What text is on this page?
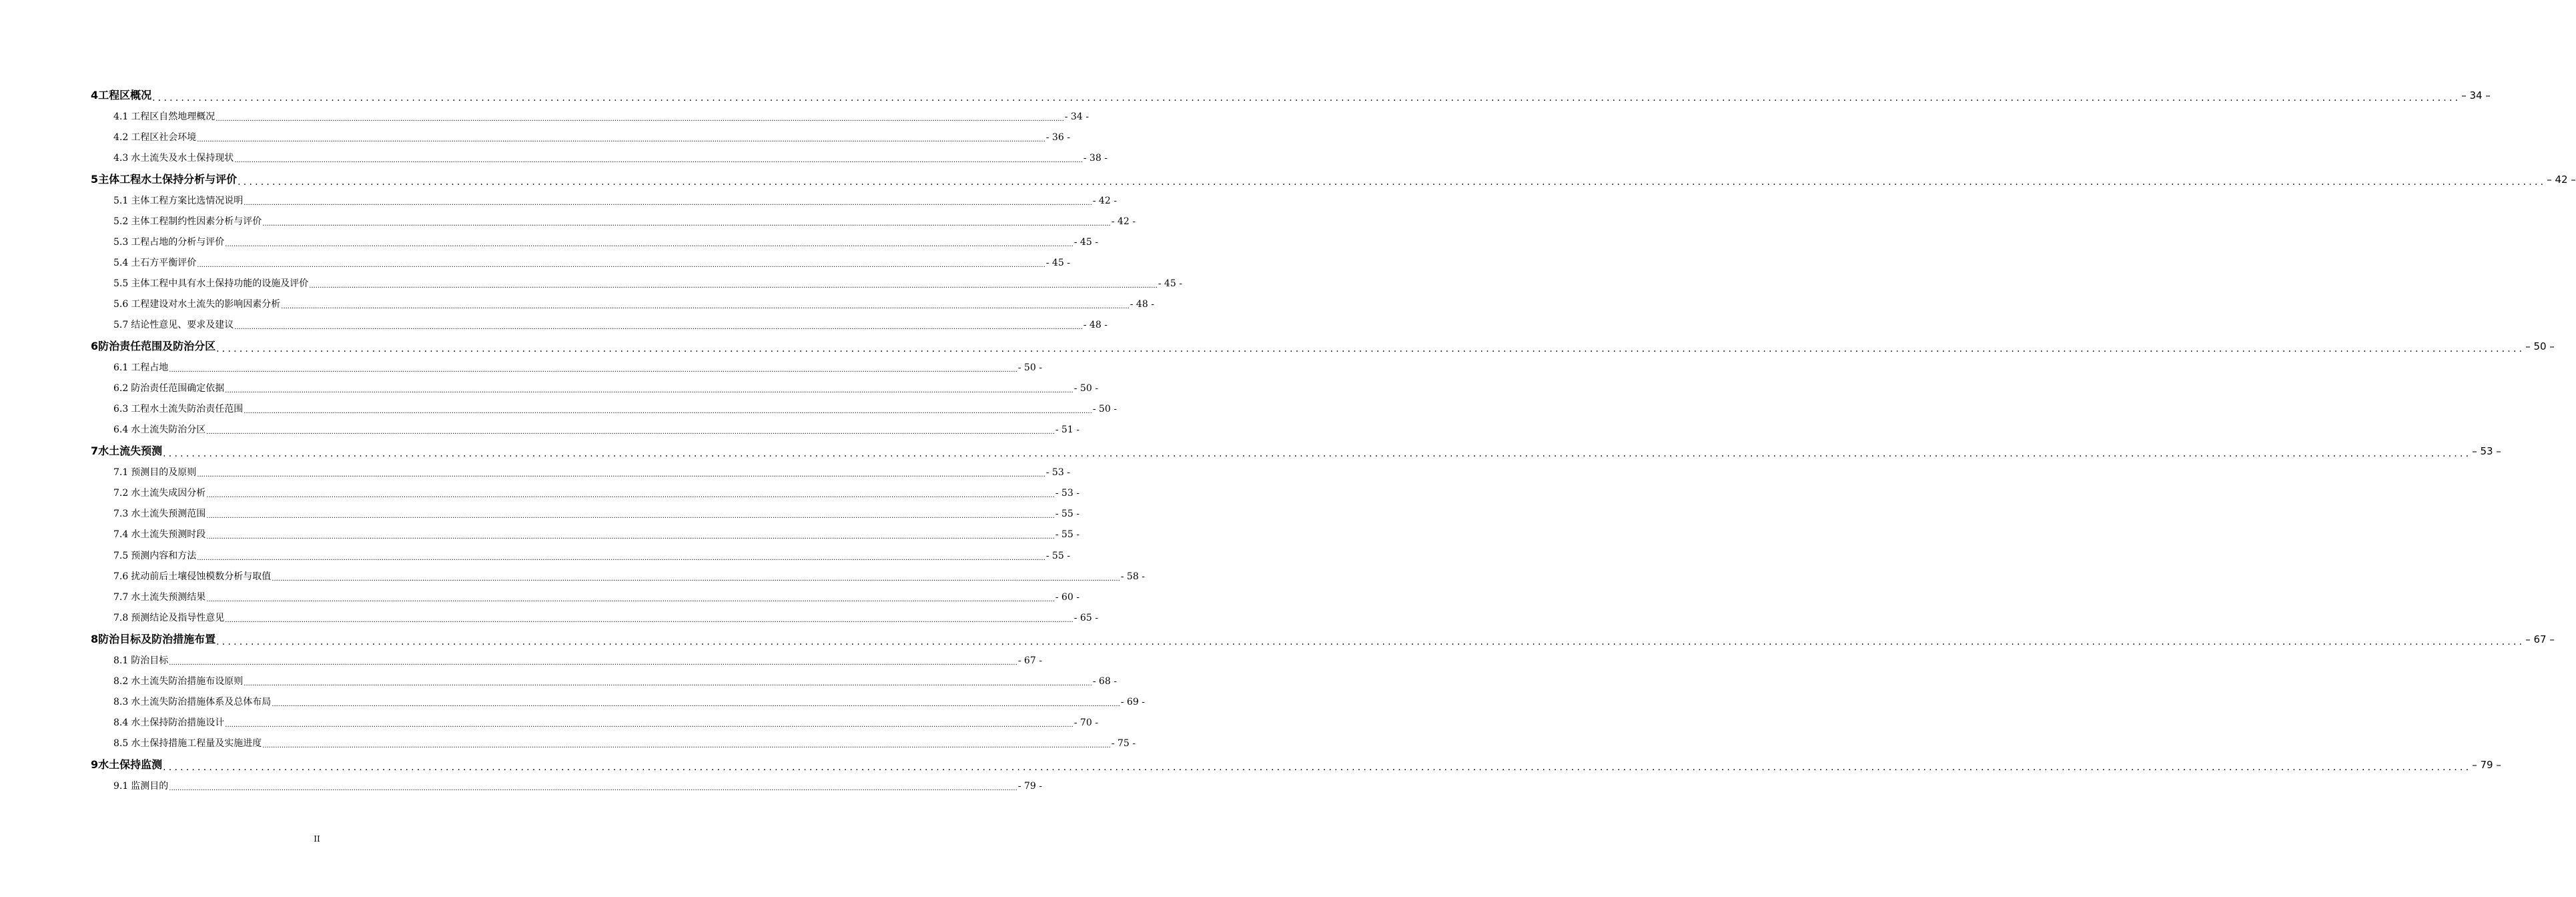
4 工程区概况 ................................................................................................................................................................................................................................................................................................................................................................................................................ – 34 –
4.1 工程区自然地理概况 ................................................................................................................................................................................................................................................................................................................................................................................................................ - 34 -
4.2 工程区社会环境 ................................................................................................................................................................................................................................................................................................................................................................................................................ - 36 -
4.3 水土流失及水土保持现状 ................................................................................................................................................................................................................................................................................................................................................................................................................ - 38 -
5 主体工程水土保持分析与评价 ................................................................................................................................................................................................................................................................................................................................................................................................................ – 42 –
5.1 主体工程方案比选情况说明 ................................................................................................................................................................................................................................................................................................................................................................................................................ - 42 -
5.2 主体工程制约性因素分析与评价 ................................................................................................................................................................................................................................................................................................................................................................................................................ - 42 -
5.3 工程占地的分析与评价 ................................................................................................................................................................................................................................................................................................................................................................................................................ - 45 -
5.4 土石方平衡评价 ................................................................................................................................................................................................................................................................................................................................................................................................................ - 45 -
5.5 主体工程中具有水土保持功能的设施及评价 ................................................................................................................................................................................................................................................................................................................................................................................................................ - 45 -
5.6 工程建设对水土流失的影响因素分析 ................................................................................................................................................................................................................................................................................................................................................................................................................ - 48 -
5.7 结论性意见、要求及建议 ................................................................................................................................................................................................................................................................................................................................................................................................................ - 48 -
6 防治责任范围及防治分区 ................................................................................................................................................................................................................................................................................................................................................................................................................ – 50 –
6.1 工程占地 ................................................................................................................................................................................................................................................................................................................................................................................................................ - 50 -
6.2 防治责任范围确定依据 ................................................................................................................................................................................................................................................................................................................................................................................................................ - 50 -
6.3 工程水土流失防治责任范围 ................................................................................................................................................................................................................................................................................................................................................................................................................ - 50 -
6.4 水土流失防治分区 ................................................................................................................................................................................................................................................................................................................................................................................................................ - 51 -
7 水土流失预测 ................................................................................................................................................................................................................................................................................................................................................................................................................ – 53 –
7.1 预测目的及原则 ................................................................................................................................................................................................................................................................................................................................................................................................................ - 53 -
7.2 水土流失成因分析 ................................................................................................................................................................................................................................................................................................................................................................................................................ - 53 -
7.3 水土流失预测范围 ................................................................................................................................................................................................................................................................................................................................................................................................................ - 55 -
7.4 水土流失预测时段 ................................................................................................................................................................................................................................................................................................................................................................................................................ - 55 -
7.5 预测内容和方法 ................................................................................................................................................................................................................................................................................................................................................................................................................ - 55 -
7.6 扰动前后土壤侵蚀模数分析与取值 ................................................................................................................................................................................................................................................................................................................................................................................................................ - 58 -
7.7 水土流失预测结果 ................................................................................................................................................................................................................................................................................................................................................................................................................ - 60 -
7.8 预测结论及指导性意见 ................................................................................................................................................................................................................................................................................................................................................................................................................ - 65 -
8 防治目标及防治措施布置 ................................................................................................................................................................................................................................................................................................................................................................................................................ – 67 –
8.1 防治目标 ................................................................................................................................................................................................................................................................................................................................................................................................................ - 67 -
8.2 水土流失防治措施布设原则 ................................................................................................................................................................................................................................................................................................................................................................................................................ - 68 -
8.3 水土流失防治措施体系及总体布局 ................................................................................................................................................................................................................................................................................................................................................................................................................ - 69 -
8.4 水土保持防治措施设计 ................................................................................................................................................................................................................................................................................................................................................................................................................ - 70 -
8.5 水土保持措施工程量及实施进度 ................................................................................................................................................................................................................................................................................................................................................................................................................ - 75 -
9 水土保持监测 ................................................................................................................................................................................................................................................................................................................................................................................................................ – 79 –
9.1 监测目的 ................................................................................................................................................................................................................................................................................................................................................................................................................ - 79 -
II
